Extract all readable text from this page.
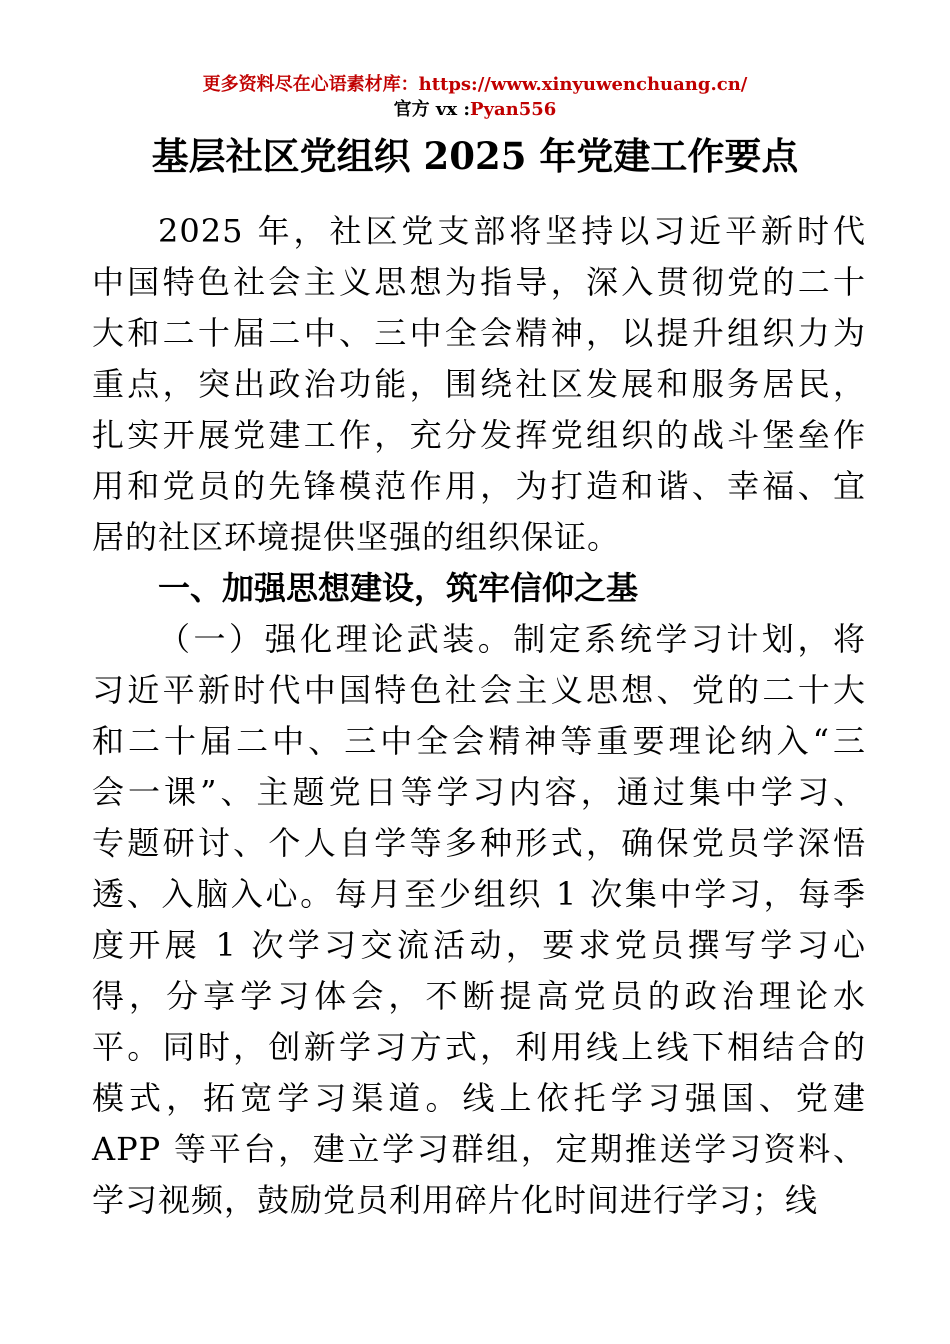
更多资料尽在心语素材库：https://www.xinyuwenchuang.cn/
官方 vx :Pyan556
基层社区党组织 2025 年党建工作要点
2025 年，社区党支部将坚持以习近平新时代
中国特色社会主义思想为指导，深入贯彻党的二十
大和二十届二中、三中全会精神，以提升组织力为
重点，突出政治功能，围绕社区发展和服务居民，
扎实开展党建工作，充分发挥党组织的战斗堡垒作
用和党员的先锋模范作用，为打造和谐、幸福、宜
居的社区环境提供坚强的组织保证。
一、加强思想建设，筑牢信仰之基
（一）强化理论武装。制定系统学习计划，将
习近平新时代中国特色社会主义思想、党的二十大
和二十届二中、三中全会精神等重要理论纳入“三
会一课”、主题党日等学习内容，通过集中学习、
专题研讨、个人自学等多种形式，确保党员学深悟
透、入脑入心。每月至少组织 1 次集中学习，每季
度开展 1 次学习交流活动，要求党员撰写学习心
得，分享学习体会，不断提高党员的政治理论水
平。同时，创新学习方式，利用线上线下相结合的
模式，拓宽学习渠道。线上依托学习强国、党建
APP 等平台，建立学习群组，定期推送学习资料、
学习视频，鼓励党员利用碎片化时间进行学习；线
